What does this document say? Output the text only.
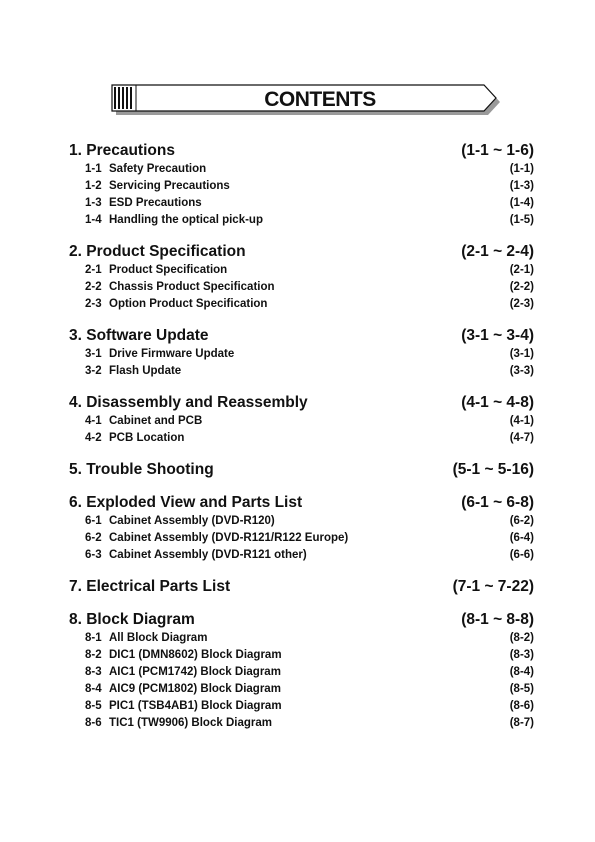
CONTENTS
1. Precautions	(1-1 ~ 1-6)
1-1 Safety Precaution	(1-1)
1-2 Servicing Precautions	(1-3)
1-3 ESD Precautions	(1-4)
1-4 Handling the optical pick-up	(1-5)
2. Product Specification	(2-1 ~ 2-4)
2-1 Product Specification	(2-1)
2-2 Chassis Product Specification	(2-2)
2-3 Option Product Specification	(2-3)
3. Software Update	(3-1 ~ 3-4)
3-1 Drive Firmware Update	(3-1)
3-2 Flash Update	(3-3)
4. Disassembly and Reassembly	(4-1 ~ 4-8)
4-1 Cabinet and PCB	(4-1)
4-2 PCB Location	(4-7)
5. Trouble Shooting	(5-1 ~ 5-16)
6. Exploded View and Parts List	(6-1 ~ 6-8)
6-1 Cabinet Assembly (DVD-R120)	(6-2)
6-2 Cabinet Assembly (DVD-R121/R122 Europe)	(6-4)
6-3 Cabinet Assembly (DVD-R121 other)	(6-6)
7. Electrical Parts List	(7-1 ~ 7-22)
8. Block Diagram	(8-1 ~ 8-8)
8-1 All Block Diagram	(8-2)
8-2 DIC1 (DMN8602) Block Diagram	(8-3)
8-3 AIC1 (PCM1742) Block Diagram	(8-4)
8-4 AIC9 (PCM1802) Block Diagram	(8-5)
8-5 PIC1 (TSB4AB1) Block Diagram	(8-6)
8-6 TIC1 (TW9906) Block Diagram	(8-7)
